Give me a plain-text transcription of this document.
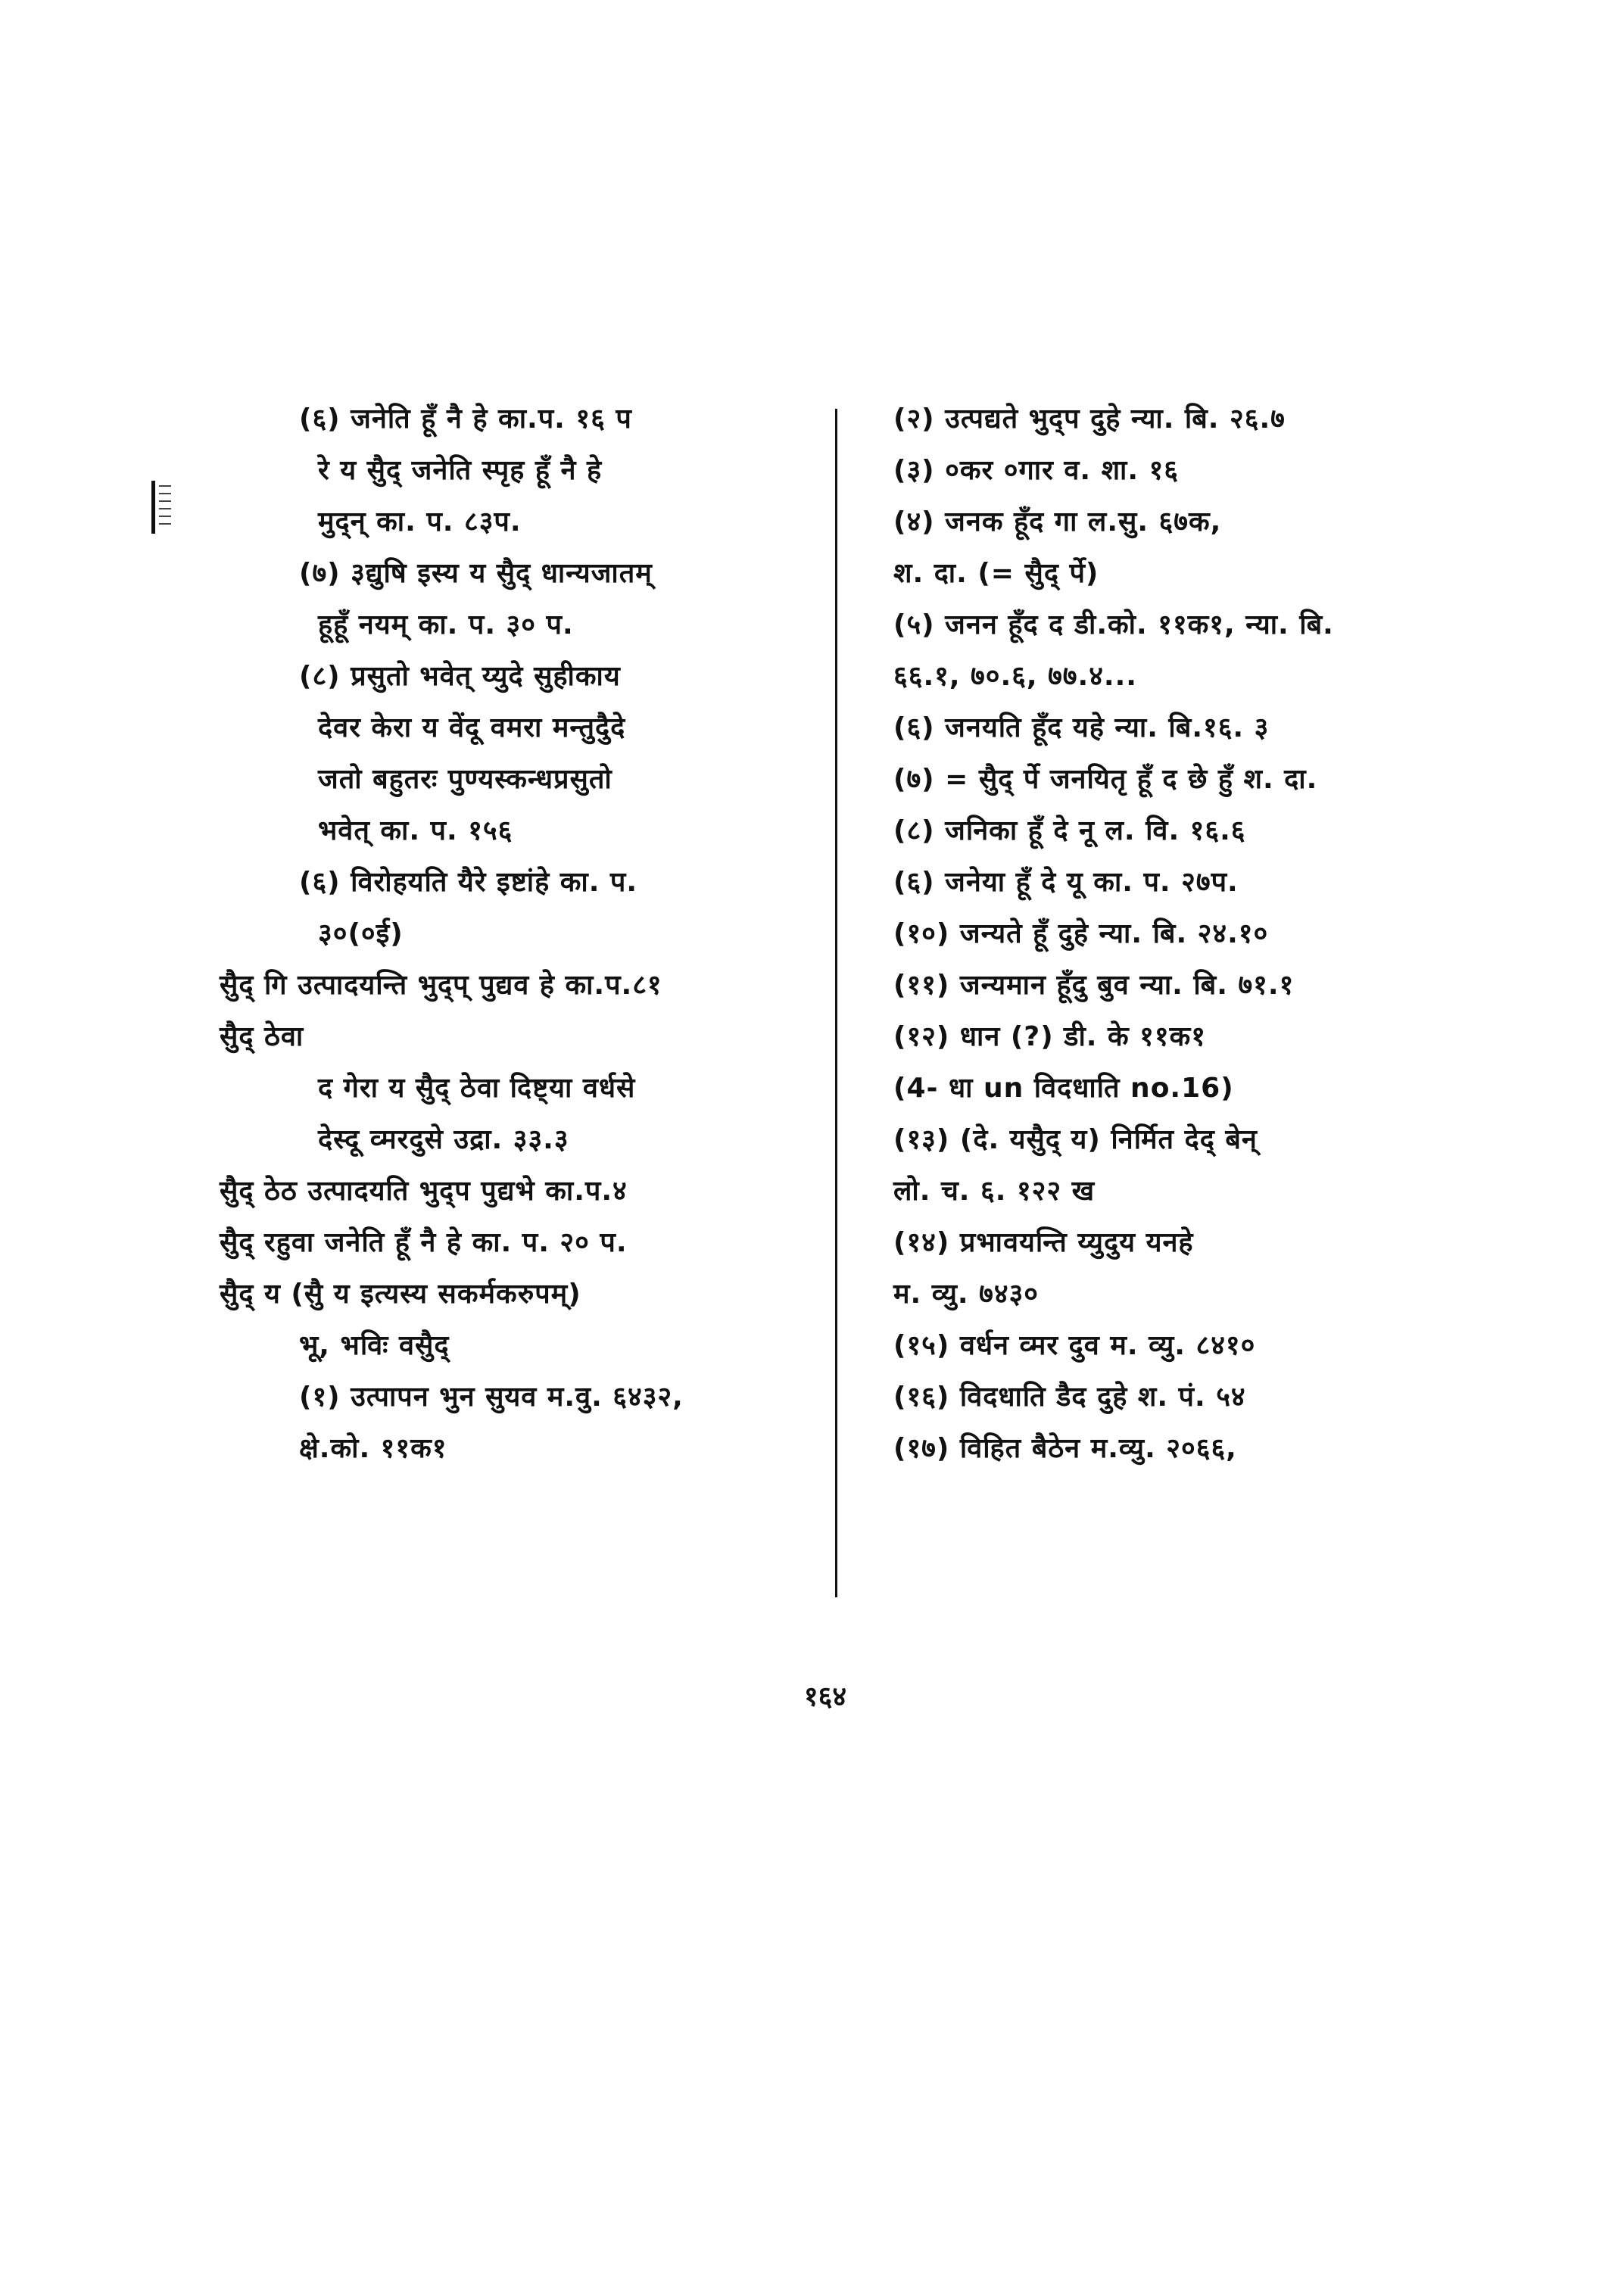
(६) जनेति हूँ नै हे का.प. १६ प
रे य सुैद् जनेति स्पृह हूँ नै हे
मुद्न् का. प. ८३प.
(७) ३द्युषि इस्य य सुैद् धान्यजातम्
हूहूँ नयम् का. प. ३० प.
(८) प्रसुतो भवेत्‌ य्युदे सुहीकाय
देवर केरा य वेंदू वमरा मन्तुदुैदे
जतो बहुतरः पुण्यस्कन्धप्रसुतो
भवेत्‌ का. प. १५६
(६) विरोहयति यैरे इष्टांहे का. प.
३०(०ई)
सुैद् गि उत्पादयन्ति भुद्प् पुद्यव हे का.प.८१
सुैद् ठेवा
द गेरा य सुैद् ठेवा दिष्ट्या वर्धसे
देस्‍दू व्मरदुसे उद्रा. ३३.३
सुैद्‌ ठेठ उत्पादयति भुद्प पुद्यभे का.प.४
सुैद् रहुवा जनेति हूँ नै हे का. प. २० प.
सुैद् य (सुै य इत्यस्य सकर्मकरुपम्)
भू, भविः वसुैद्
(१) उत्पापन भुन सुयव म.वु. ६४३२,
क्षे.को. ११क१
(२) उत्पद्यते भुद्प दुहे न्या. बि. २६.७
(३) ०कर ०गार व. शा. १६
(४) जनक हूँद गा ल.सु. ६७क,
श. दा. (= सुैद् र्पे)
(५) जनन हूँद द डी.को. ११क१, न्या. बि.
६६.१, ७०.६, ७७.४...
(६) जनयति हूँद यहे न्या. बि.१६. ३
(७) = सुैद् र्पे जनयितृ हूँ द छे हुँ श. दा.
(८) जनिका हूँ दे नू ल. वि. १६.६
(६) जनेया हूँ दे यू का. प. २७प.
(१०) जन्यते हूँ दुहे न्या. बि. २४.१०
(११) जन्यमान हूँदु बुव न्या. बि. ७१.१
(१२) धान (?) डी. के ११क१
(4- धा un विदधाति no.16)
(१३) (दे. यसुैद्‌ य) निर्मित देद् बेन्
लो. च. ६. १२२ ख
(१४) प्रभावयन्ति य्युदुय यनहे
म. व्यु. ७४३०
(१५) वर्धन व्मर दुव म. व्यु. ८४१०
(१६) विदधाति डैद दुहे श. पं. ५४
(१७) विहित बैठेन म.व्यु. २०६६,
१६४
